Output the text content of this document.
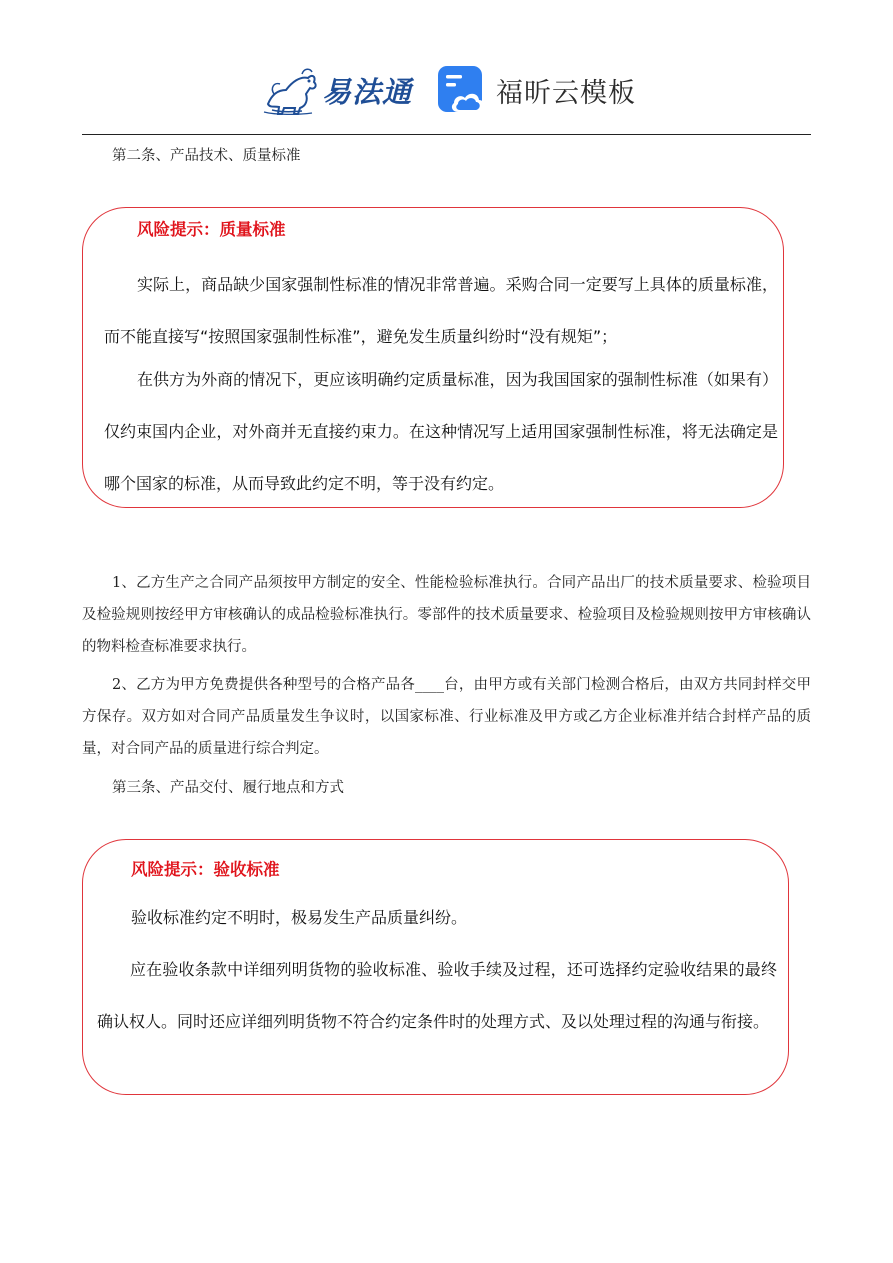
易法通	福昕云模板
第二条、产品技术、质量标准
风险提示：质量标准
实际上，商品缺少国家强制性标准的情况非常普遍。采购合同一定要写上具体的质量标准，而不能直接写“按照国家强制性标准”，避免发生质量纠纷时“没有规矩”；
在供方为外商的情况下，更应该明确约定质量标准，因为我国国家的强制性标准（如果有）仅约束国内企业，对外商并无直接约束力。在这种情况写上适用国家强制性标准，将无法确定是哪个国家的标准，从而导致此约定不明，等于没有约定。
1、乙方生产之合同产品须按甲方制定的安全、性能检验标准执行。合同产品出厂的技术质量要求、检验项目及检验规则按经甲方审核确认的成品检验标准执行。零部件的技术质量要求、检验项目及检验规则按甲方审核确认的物料检查标准要求执行。
2、乙方为甲方免费提供各种型号的合格产品各____台，由甲方或有关部门检测合格后，由双方共同封样交甲方保存。双方如对合同产品质量发生争议时，以国家标准、行业标准及甲方或乙方企业标准并结合封样产品的质量，对合同产品的质量进行综合判定。
第三条、产品交付、履行地点和方式
风险提示：验收标准
验收标准约定不明时，极易发生产品质量纠纷。
应在验收条款中详细列明货物的验收标准、验收手续及过程，还可选择约定验收结果的最终确认权人。同时还应详细列明货物不符合约定条件时的处理方式、及以处理过程的沟通与衔接。
